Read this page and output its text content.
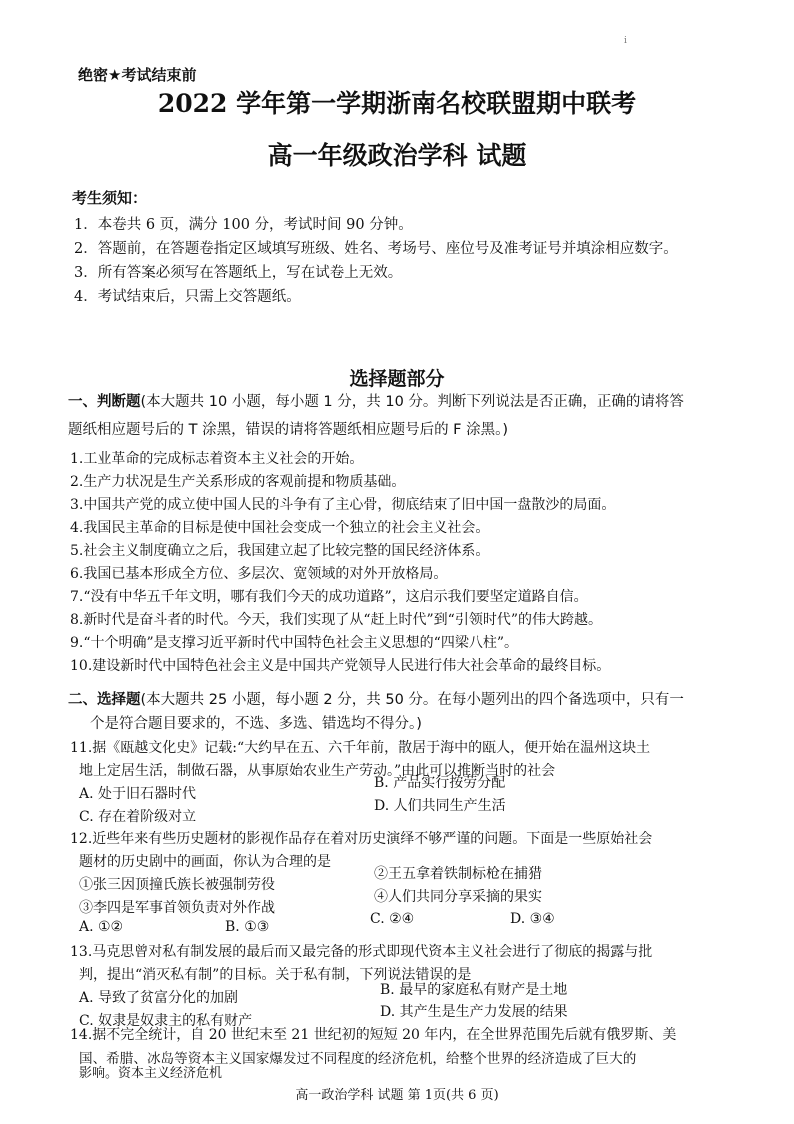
i
绝密★考试结束前
2022 学年第一学期浙南名校联盟期中联考
高一年级政治学科 试题
考生须知：
1．本卷共 6 页，满分 100 分，考试时间 90 分钟。
2．答题前，在答题卷指定区域填写班级、姓名、考场号、座位号及准考证号并填涂相应数字。
3．所有答案必须写在答题纸上，写在试卷上无效。
4．考试结束后，只需上交答题纸。
选择题部分
一、判断题(本大题共 10 小题，每小题 1 分，共 10 分。判断下列说法是否正确，正确的请将答
题纸相应题号后的 T 涂黑，错误的请将答题纸相应题号后的 F 涂黑。)
1.工业革命的完成标志着资本主义社会的开始。
2.生产力状况是生产关系形成的客观前提和物质基础。
3.中国共产党的成立使中国人民的斗争有了主心骨，彻底结束了旧中国一盘散沙的局面。
4.我国民主革命的目标是使中国社会变成一个独立的社会主义社会。
5.社会主义制度确立之后，我国建立起了比较完整的国民经济体系。
6.我国已基本形成全方位、多层次、宽领域的对外开放格局。
7.“没有中华五千年文明，哪有我们今天的成功道路”，这启示我们要坚定道路自信。
8.新时代是奋斗者的时代。今天，我们实现了从“赶上时代”到“引领时代”的伟大跨越。
9.“十个明确”是支撑习近平新时代中国特色社会主义思想的“四梁八柱”。
10.建设新时代中国特色社会主义是中国共产党领导人民进行伟大社会革命的最终目标。
二、选择题(本大题共 25 小题，每小题 2 分，共 50 分。在每小题列出的四个备选项中，只有一
个是符合题目要求的，不选、多选、错选均不得分。)
11.据《瓯越文化史》记载:“大约早在五、六千年前，散居于海中的瓯人，便开始在温州这块土
地上定居生活，制做石器，从事原始农业生产劳动。”由此可以推断当时的社会
A. 处于旧石器时代
B. 产品实行按劳分配
C. 存在着阶级对立
D. 人们共同生产生活
12.近些年来有些历史题材的影视作品存在着对历史演绎不够严谨的问题。下面是一些原始社会
题材的历史剧中的画面，你认为合理的是
①张三因顶撞氏族长被强制劳役
②王五拿着铁制标枪在捕猎
③李四是军事首领负责对外作战
④人们共同分享采摘的果实
A. ①②	B. ①③	C. ②④	D. ③④
13.马克思曾对私有制发展的最后而又最完备的形式即现代资本主义社会进行了彻底的揭露与批
判，提出“消灭私有制”的目标。关于私有制，下列说法错误的是
A. 导致了贫富分化的加剧	B. 最早的家庭私有财产是土地
C. 奴隶是奴隶主的私有财产
D. 其产生是生产力发展的结果
14.据不完全统计，自 20 世纪末至 21 世纪初的短短 20 年内，在全世界范围先后就有俄罗斯、美
国、希腊、冰岛等资本主义国家爆发过不同程度的经济危机，给整个世界的经济造成了巨大的
高一政治学科 试题 第 1页(共 6 页)
影响。资本主义经济危机
